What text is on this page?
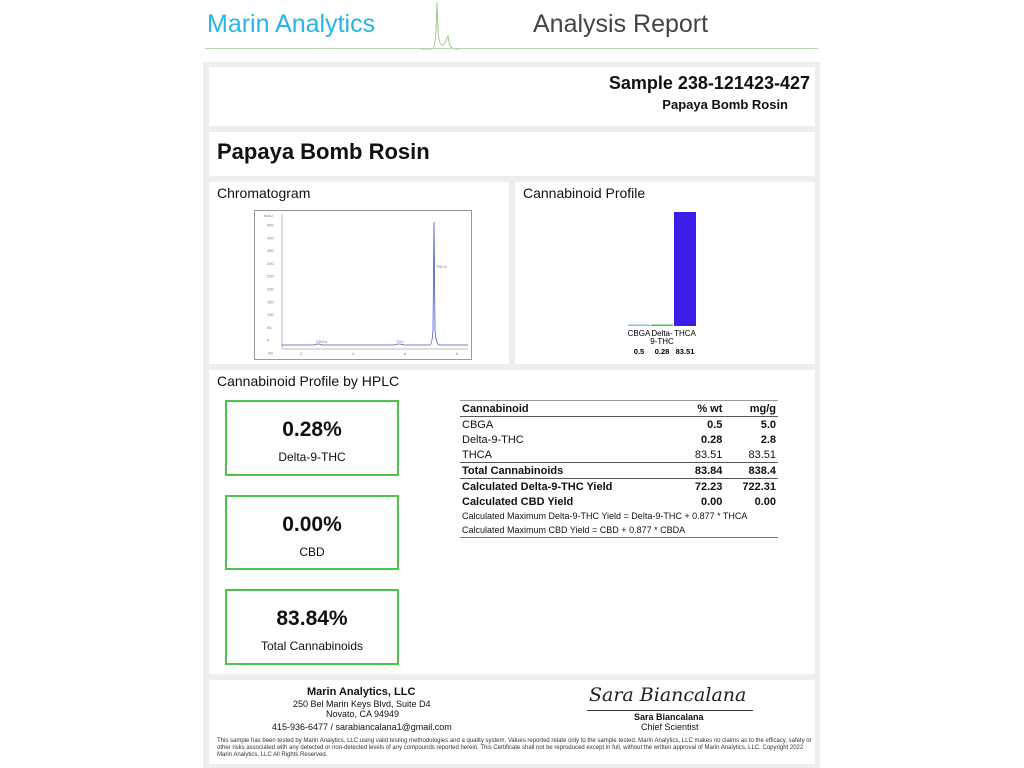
Marin Analytics	Analysis Report
Sample 238-121423-427
Papaya Bomb Rosin
Papaya Bomb Rosin
Chromatogram
mAU
450
400
350
300
250
200
150
100
50
0
-50	2	4	6	8
CBGa	THC
THCA
Cannabinoid Profile
CBGA
0.5
Delta-9-THC
0.28
THCA
83.51
Cannabinoid Profile by HPLC
0.28%
Delta-9-THC
0.00%
CBD
83.84%
Total Cannabinoids
Cannabinoid	% wt	mg/g
CBGA	0.5	5.0
Delta-9-THC	0.28	2.8
THCA	83.51	83.51
Total Cannabinoids	83.84	838.4
Calculated Delta-9-THC Yield	72.23	722.31
Calculated CBD Yield	0.00	0.00
Calculated Maximum Delta-9-THC Yield = Delta-9-THC + 0.877 * THCA		
Calculated Maximum CBD Yield = CBD + 0.877 * CBDA		
Marin Analytics, LLC
250 Bel Marin Keys Blvd, Suite D4
Novato, CA 94949
415-936-6477 / sarabiancalana1@gmail.com
Sara Biancalana
Sara Biancalana
Chief Scientist
This sample has been tested by Marin Analytics, LLC using valid testing methodologies and a quality system. Values reported relate only to the sample tested. Marin Analytics, LLC makes no claims as to the efficacy, safety or other risks associated with any detected or non-detected levels of any compounds reported herein. This Certificate shall not be reproduced except in full, without the written approval of Marin Analytics, LLC. Copyright 2022 Marin Analytics, LLC All Rights Reserved.
